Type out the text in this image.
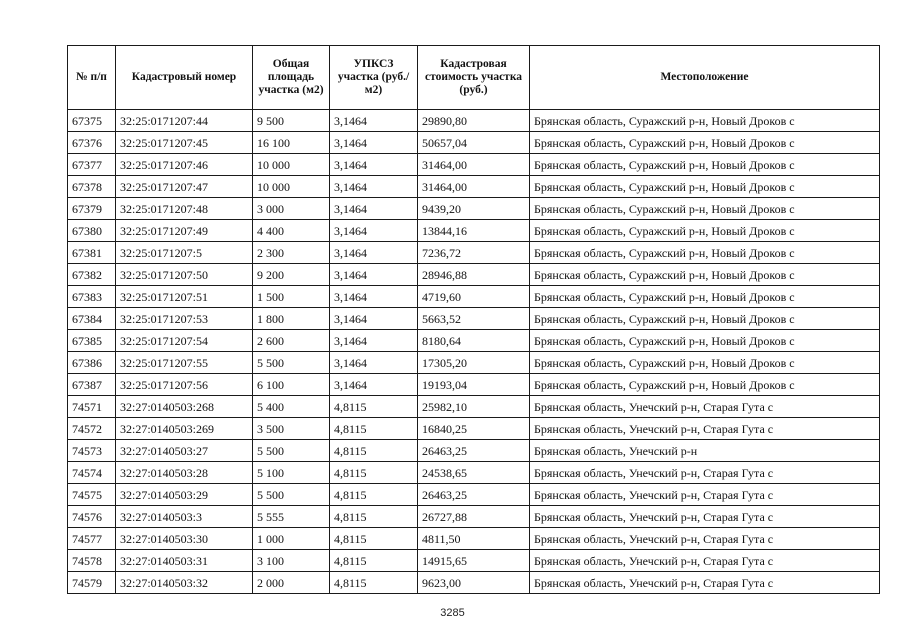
№ п/п	Кадастровый номер	Общая площадь участка (м2)	УПКСЗ участка (руб./м2)	Кадастровая стоимость участка (руб.)	Местоположение
67375	32:25:0171207:44	9 500	3,1464	29890,80	Брянская область, Суражский р-н, Новый Дроков с
67376	32:25:0171207:45	16 100	3,1464	50657,04	Брянская область, Суражский р-н, Новый Дроков с
67377	32:25:0171207:46	10 000	3,1464	31464,00	Брянская область, Суражский р-н, Новый Дроков с
67378	32:25:0171207:47	10 000	3,1464	31464,00	Брянская область, Суражский р-н, Новый Дроков с
67379	32:25:0171207:48	3 000	3,1464	9439,20	Брянская область, Суражский р-н, Новый Дроков с
67380	32:25:0171207:49	4 400	3,1464	13844,16	Брянская область, Суражский р-н, Новый Дроков с
67381	32:25:0171207:5	2 300	3,1464	7236,72	Брянская область, Суражский р-н, Новый Дроков с
67382	32:25:0171207:50	9 200	3,1464	28946,88	Брянская область, Суражский р-н, Новый Дроков с
67383	32:25:0171207:51	1 500	3,1464	4719,60	Брянская область, Суражский р-н, Новый Дроков с
67384	32:25:0171207:53	1 800	3,1464	5663,52	Брянская область, Суражский р-н, Новый Дроков с
67385	32:25:0171207:54	2 600	3,1464	8180,64	Брянская область, Суражский р-н, Новый Дроков с
67386	32:25:0171207:55	5 500	3,1464	17305,20	Брянская область, Суражский р-н, Новый Дроков с
67387	32:25:0171207:56	6 100	3,1464	19193,04	Брянская область, Суражский р-н, Новый Дроков с
74571	32:27:0140503:268	5 400	4,8115	25982,10	Брянская область, Унечский р-н, Старая Гута с
74572	32:27:0140503:269	3 500	4,8115	16840,25	Брянская область, Унечский р-н, Старая Гута с
74573	32:27:0140503:27	5 500	4,8115	26463,25	Брянская область, Унечский р-н
74574	32:27:0140503:28	5 100	4,8115	24538,65	Брянская область, Унечский р-н, Старая Гута с
74575	32:27:0140503:29	5 500	4,8115	26463,25	Брянская область, Унечский р-н, Старая Гута с
74576	32:27:0140503:3	5 555	4,8115	26727,88	Брянская область, Унечский р-н, Старая Гута с
74577	32:27:0140503:30	1 000	4,8115	4811,50	Брянская область, Унечский р-н, Старая Гута с
74578	32:27:0140503:31	3 100	4,8115	14915,65	Брянская область, Унечский р-н, Старая Гута с
74579	32:27:0140503:32	2 000	4,8115	9623,00	Брянская область, Унечский р-н, Старая Гута с
3285
